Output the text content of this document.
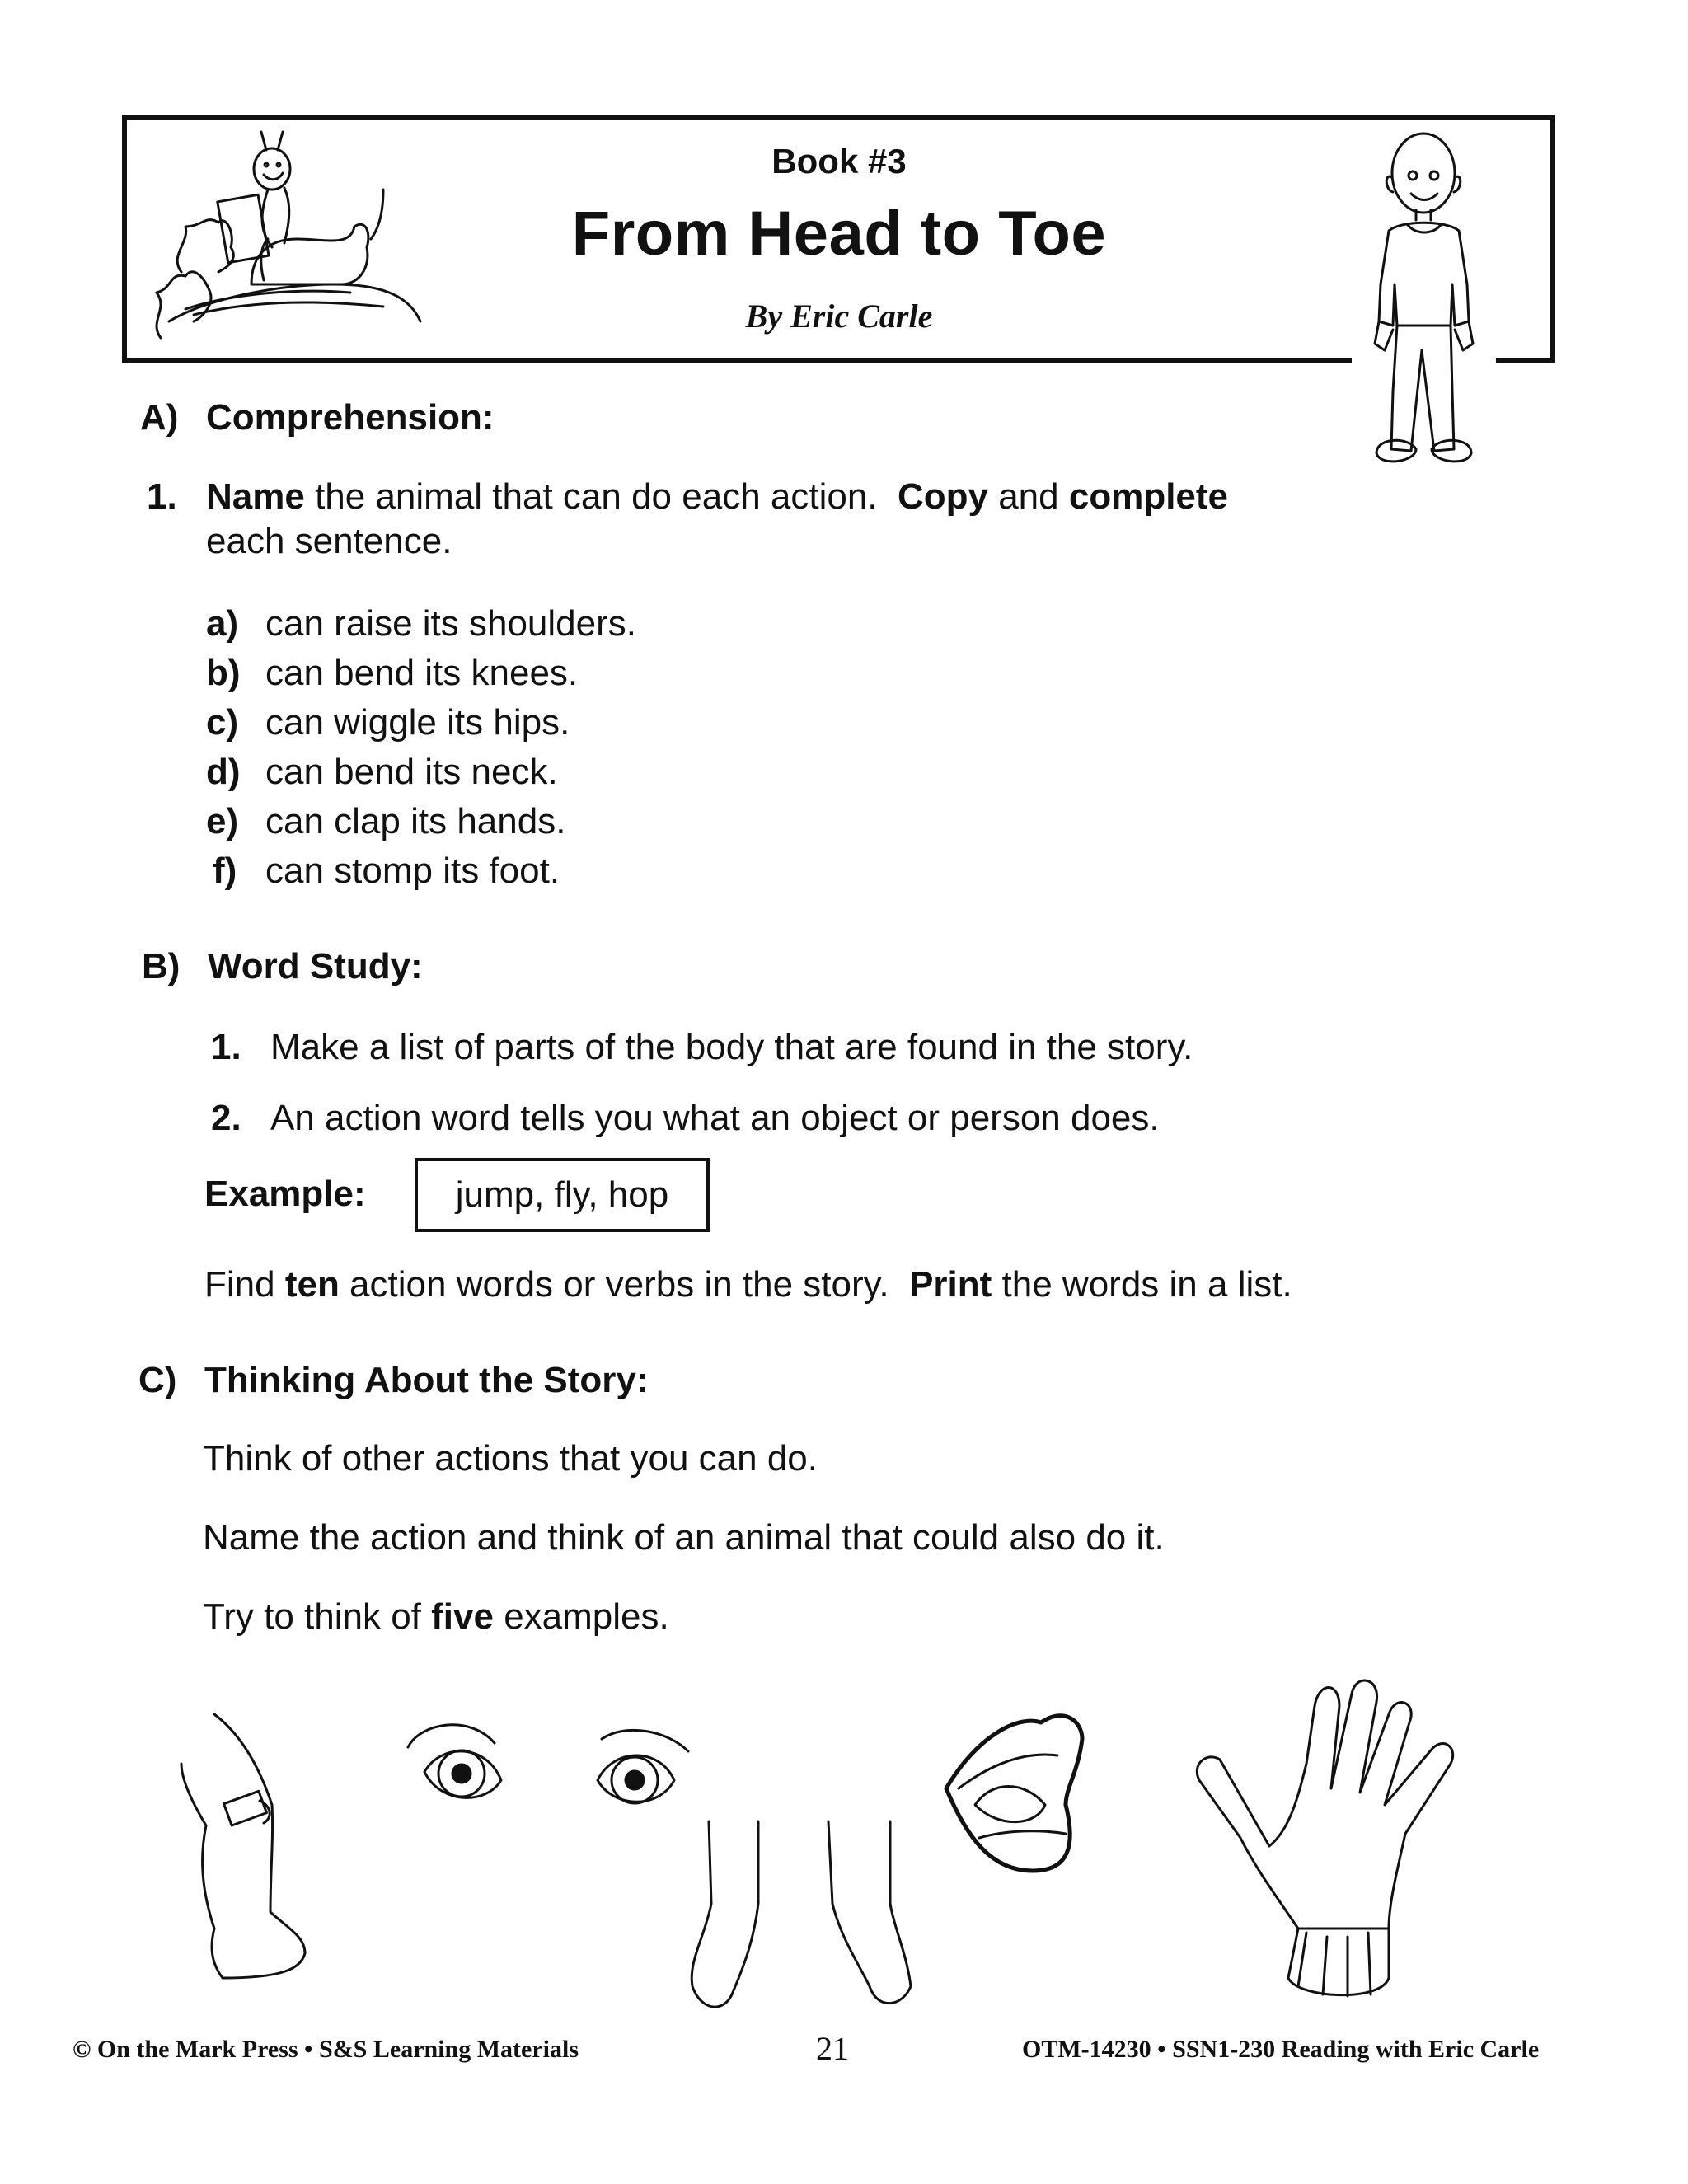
Book #3
From Head to Toe
By Eric Carle
A) Comprehension:
1. Name the animal that can do each action.  Copy and complete
each sentence.
a) can raise its shoulders.
b) can bend its knees.
c) can wiggle its hips.
d) can bend its neck.
e) can clap its hands.
f) can stomp its foot.
B) Word Study:
1. Make a list of parts of the body that are found in the story.
2. An action word tells you what an object or person does.
Example:	jump, fly, hop
Find ten action words or verbs in the story.  Print the words in a list.
C) Thinking About the Story:
Think of other actions that you can do.
Name the action and think of an animal that could also do it.
Try to think of five examples.
© On the Mark Press • S&S Learning Materials	21	OTM-14230 • SSN1-230 Reading with Eric Carle
